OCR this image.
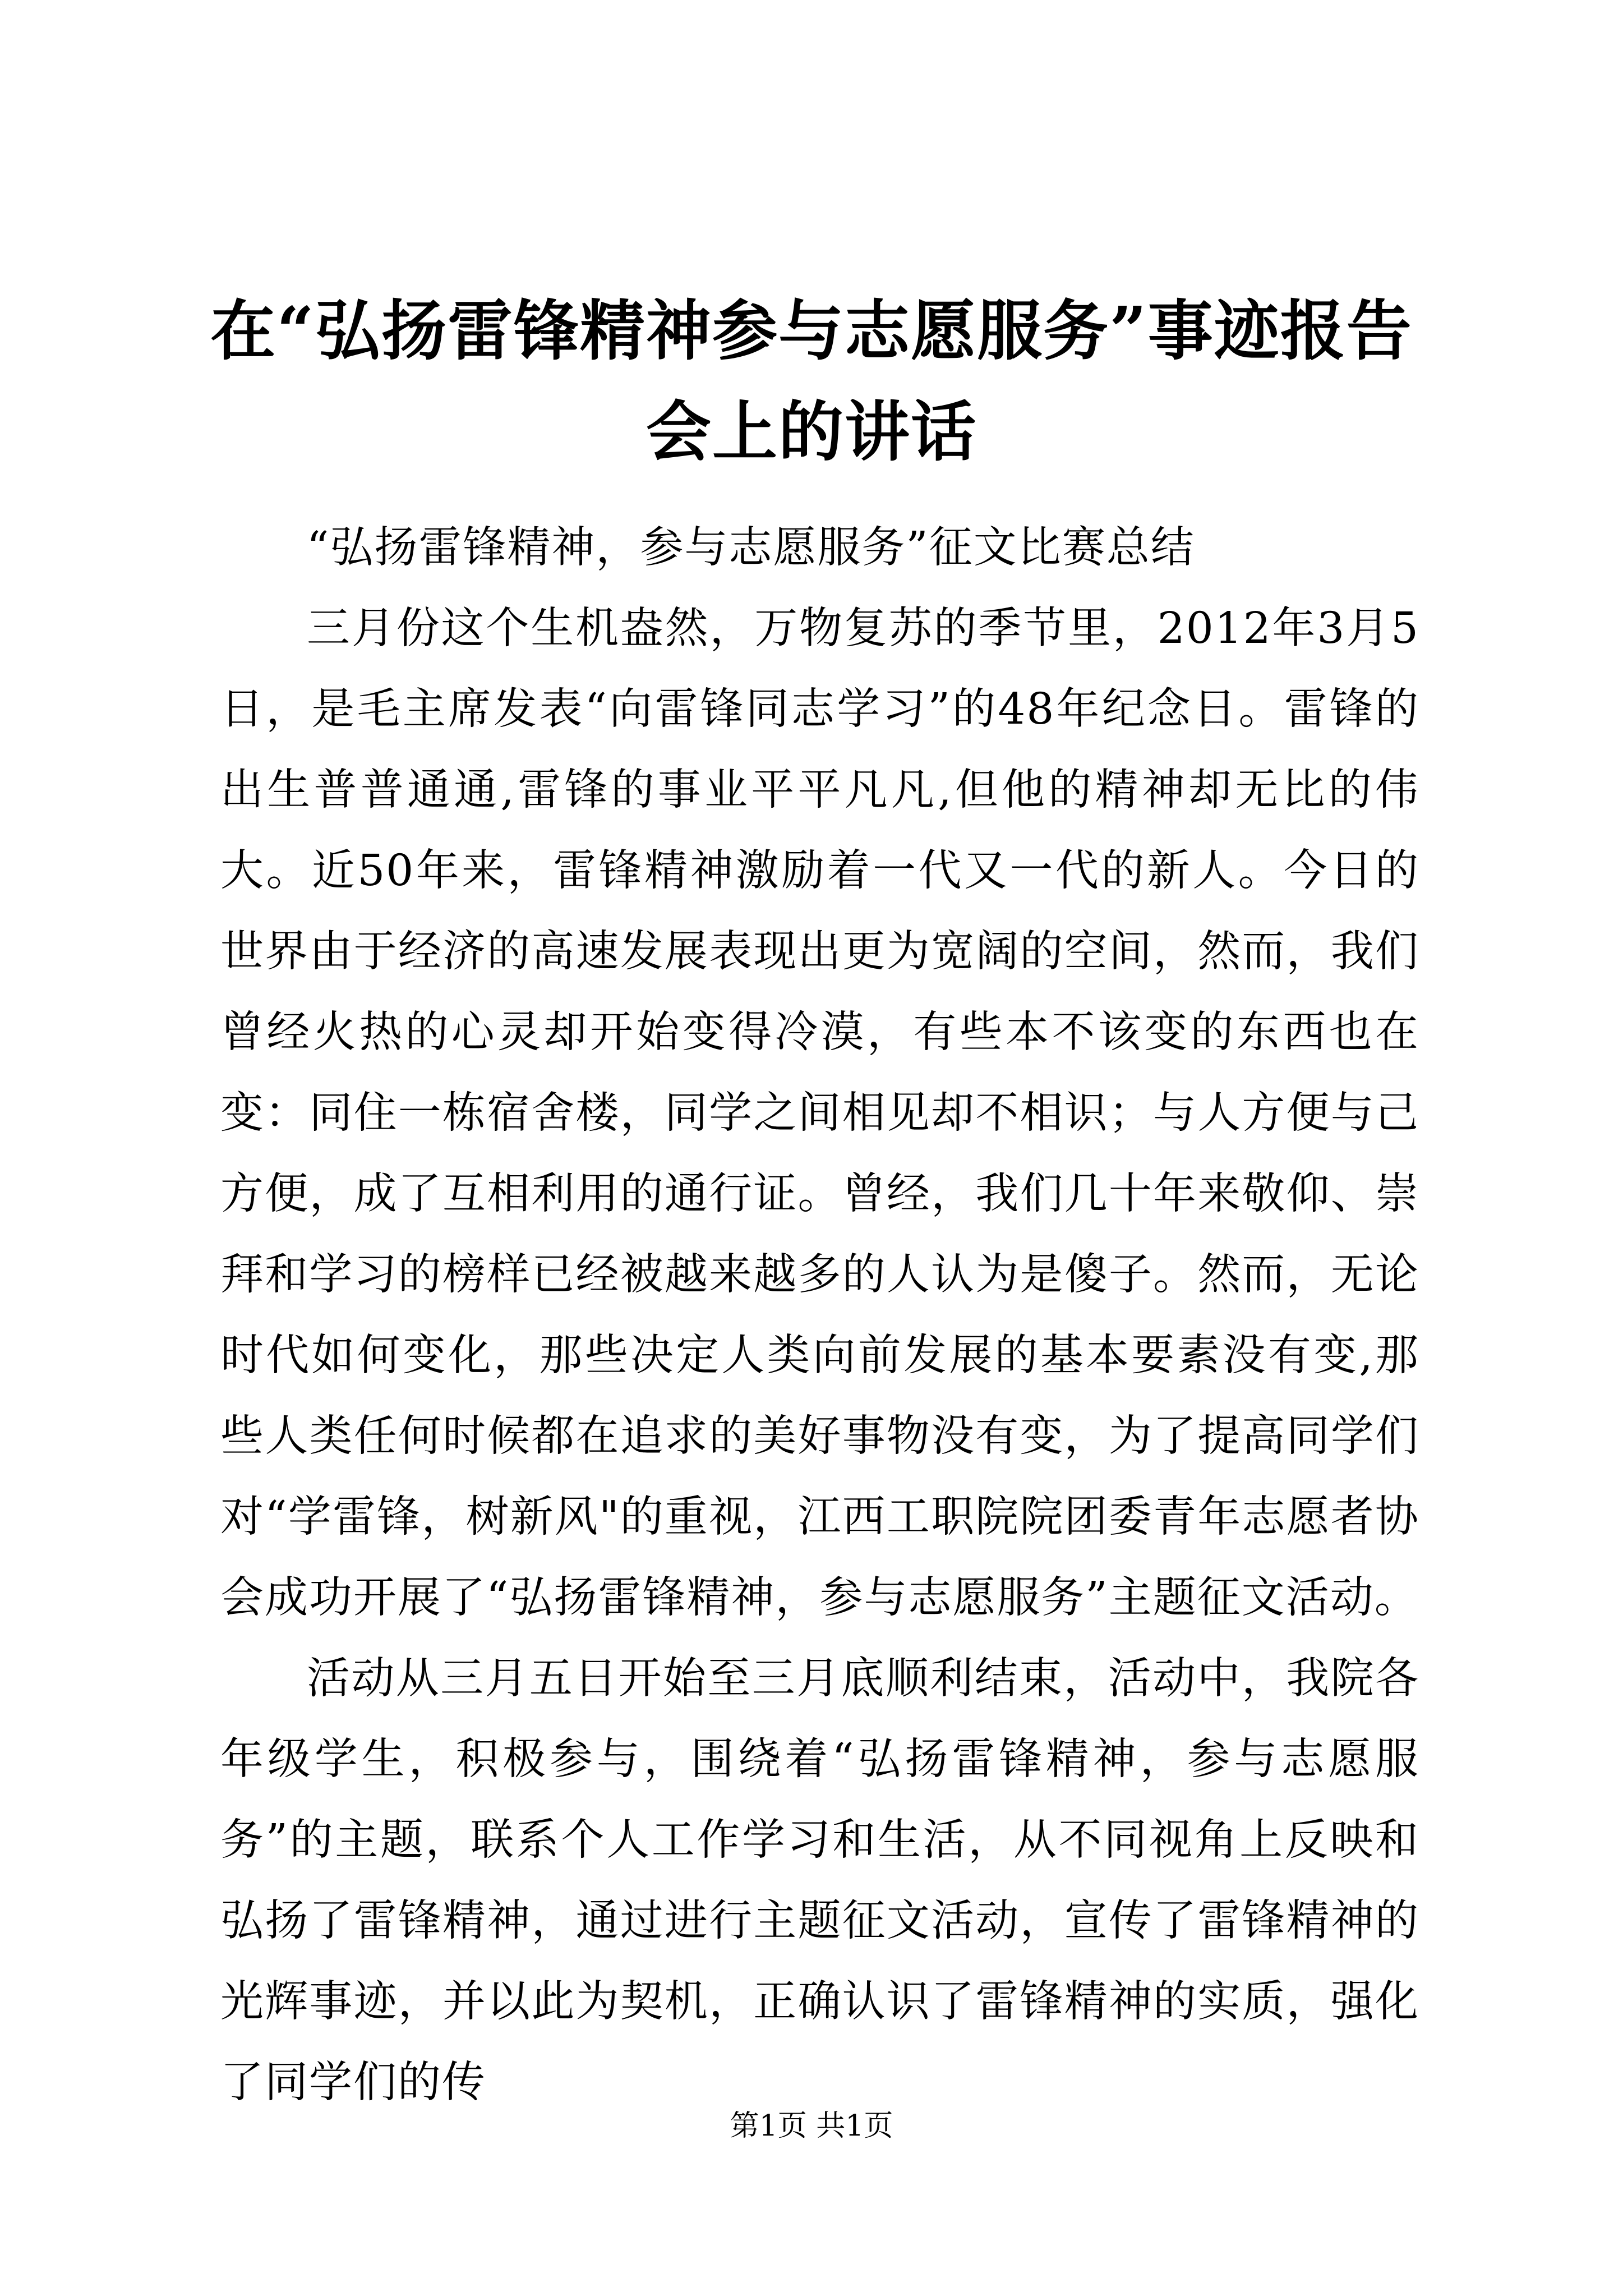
在“弘扬雷锋精神参与志愿服务”事迹报告会上的讲话

“弘扬雷锋精神，参与志愿服务”征文比赛总结

三月份这个生机盎然，万物复苏的季节里，2012年3月5日，是毛主席发表“向雷锋同志学习”的48年纪念日。雷锋的出生普普通通,雷锋的事业平平凡凡,但他的精神却无比的伟大。近50年来，雷锋精神激励着一代又一代的新人。今日的世界由于经济的高速发展表现出更为宽阔的空间，然而，我们曾经火热的心灵却开始变得冷漠，有些本不该变的东西也在变：同住一栋宿舍楼，同学之间相见却不相识；与人方便与己方便，成了互相利用的通行证。曾经，我们几十年来敬仰、崇拜和学习的榜样已经被越来越多的人认为是傻子。然而，无论时代如何变化，那些决定人类向前发展的基本要素没有变,那些人类任何时候都在追求的美好事物没有变，为了提高同学们对“学雷锋，树新风"的重视，江西工职院院团委青年志愿者协会成功开展了“弘扬雷锋精神，参与志愿服务”主题征文活动。

活动从三月五日开始至三月底顺利结束，活动中，我院各年级学生，积极参与，围绕着“弘扬雷锋精神，参与志愿服务”的主题，联系个人工作学习和生活，从不同视角上反映和弘扬了雷锋精神，通过进行主题征文活动，宣传了雷锋精神的光辉事迹，并以此为契机，正确认识了雷锋精神的实质，强化了同学们的传

第1页 共1页
